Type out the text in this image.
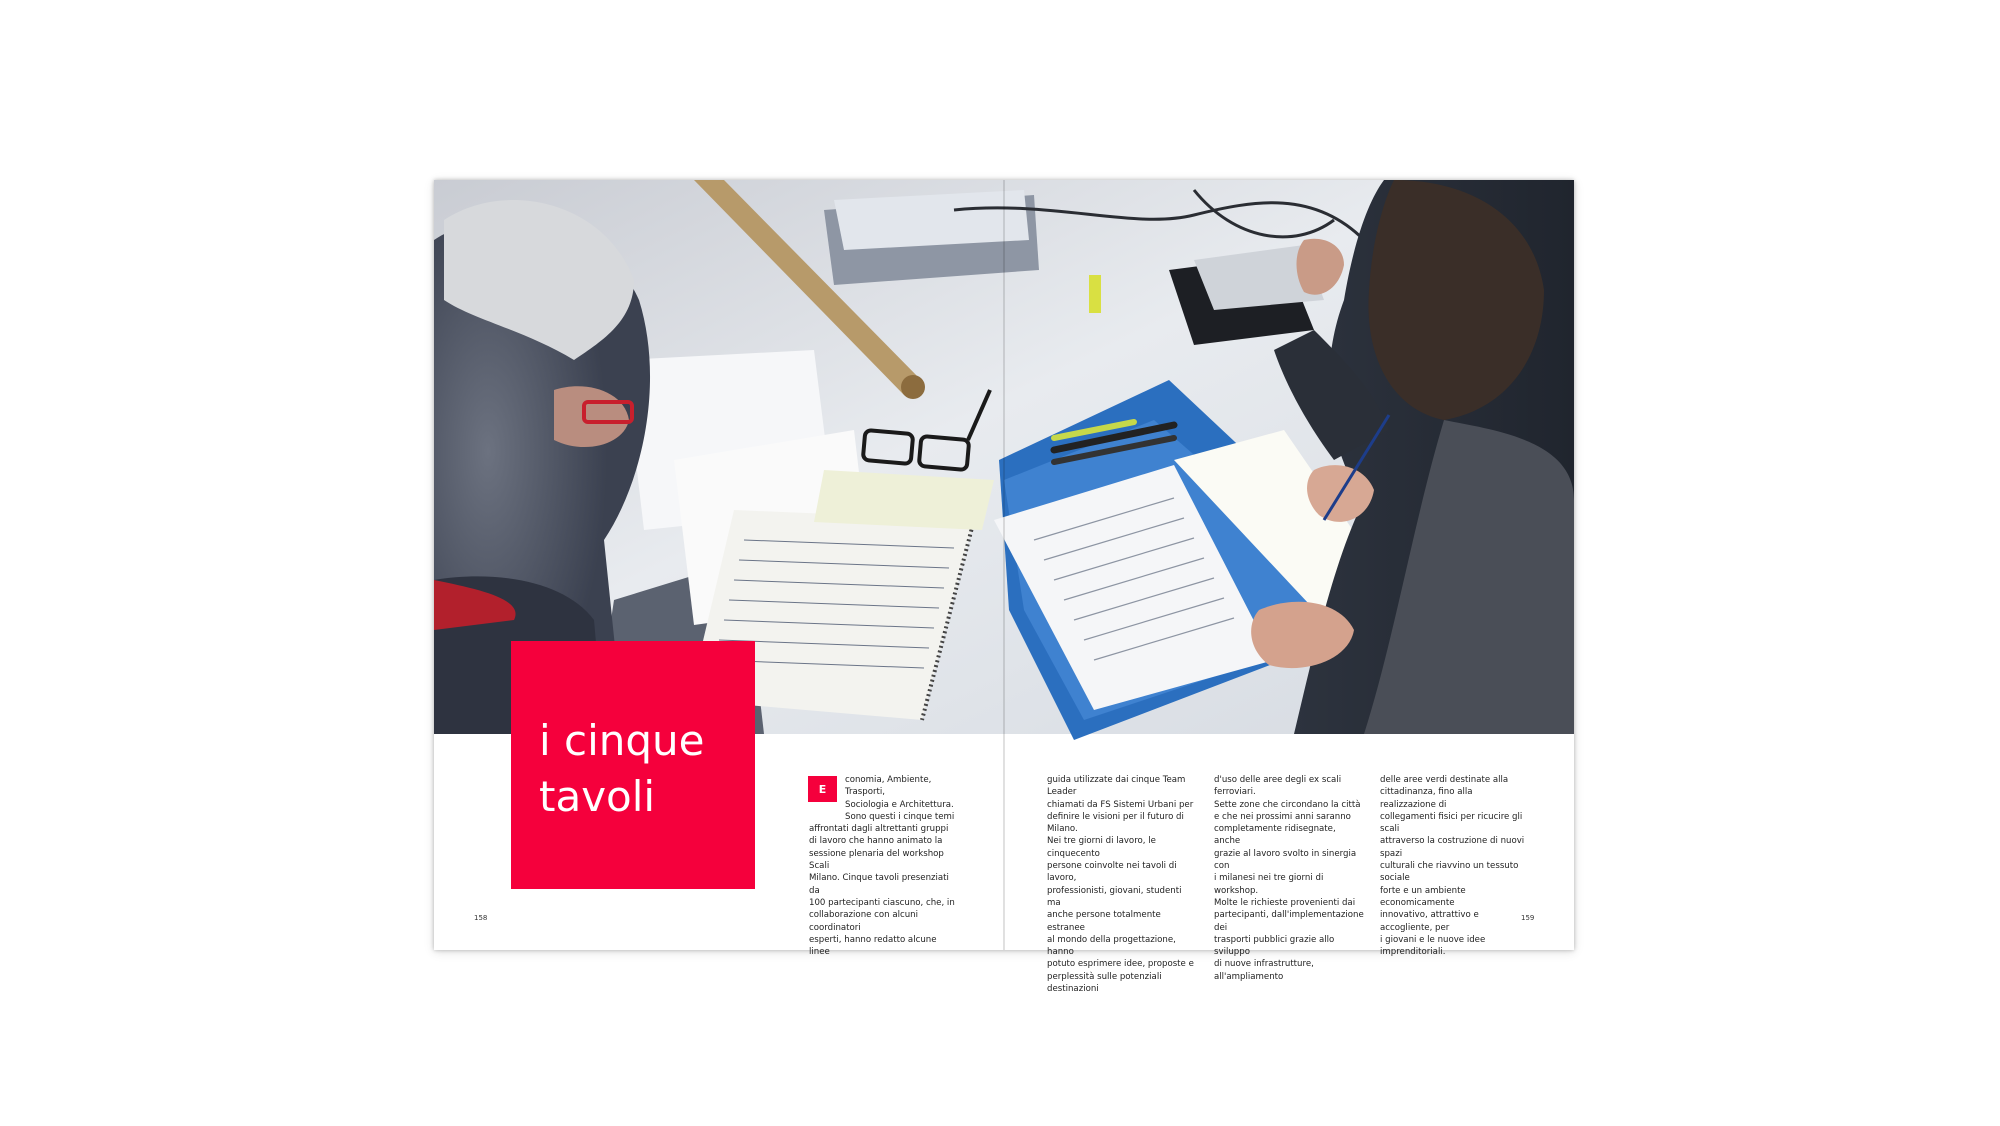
i cinque
tavoli	E
conomia, Ambiente, Trasporti,
Sociologia e Architettura.
Sono questi i cinque temi
affrontati dagli altrettanti gruppi
di lavoro che hanno animato la
sessione plenaria del workshop Scali
Milano. Cinque tavoli presenziati da
100 partecipanti ciascuno, che, in
collaborazione con alcuni coordinatori
esperti, hanno redatto alcune linee
guida utilizzate dai cinque Team Leader
chiamati da FS Sistemi Urbani per
definire le visioni per il futuro di Milano.
Nei tre giorni di lavoro, le cinquecento
persone coinvolte nei tavoli di lavoro,
professionisti, giovani, studenti ma
anche persone totalmente estranee
al mondo della progettazione, hanno
potuto esprimere idee, proposte e
perplessità sulle potenziali destinazioni
d'uso delle aree degli ex scali ferroviari.
Sette zone che circondano la città
e che nei prossimi anni saranno
completamente ridisegnate, anche
grazie al lavoro svolto in sinergia con
i milanesi nei tre giorni di workshop.
Molte le richieste provenienti dai
partecipanti, dall'implementazione dei
trasporti pubblici grazie allo sviluppo
di nuove infrastrutture, all'ampliamento
delle aree verdi destinate alla
cittadinanza, fino alla realizzazione di
collegamenti fisici per ricucire gli scali
attraverso la costruzione di nuovi spazi
culturali che riavvino un tessuto sociale
forte e un ambiente economicamente
innovativo, attrattivo e accogliente, per
i giovani e le nuove idee imprenditoriali.
158	159
